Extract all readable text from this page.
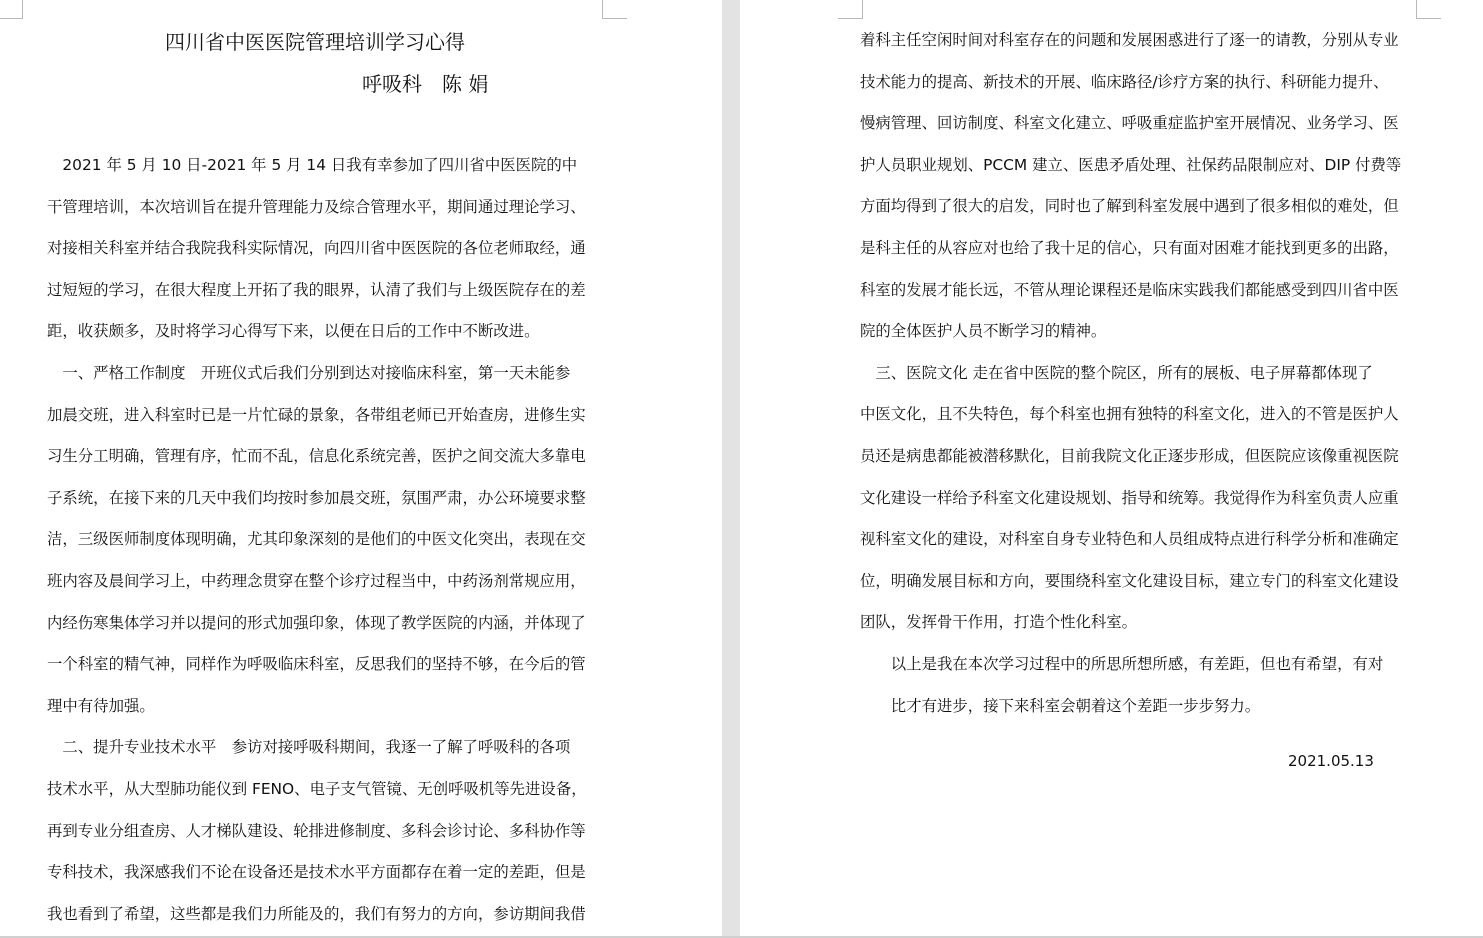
四川省中医医院管理培训学习心得
呼吸科　陈 娟
　2021 年 5 月 10 日-2021 年 5 月 14 日我有幸参加了四川省中医医院的中
干管理培训，本次培训旨在提升管理能力及综合管理水平，期间通过理论学习、
对接相关科室并结合我院我科实际情况，向四川省中医医院的各位老师取经，通
过短短的学习，在很大程度上开拓了我的眼界，认清了我们与上级医院存在的差
距，收获颇多，及时将学习心得写下来，以便在日后的工作中不断改进。
　一、严格工作制度　开班仪式后我们分别到达对接临床科室，第一天未能参
加晨交班，进入科室时已是一片忙碌的景象，各带组老师已开始查房，进修生实
习生分工明确，管理有序，忙而不乱，信息化系统完善，医护之间交流大多靠电
子系统，在接下来的几天中我们均按时参加晨交班，氛围严肃，办公环境要求整
洁，三级医师制度体现明确，尤其印象深刻的是他们的中医文化突出，表现在交
班内容及晨间学习上，中药理念贯穿在整个诊疗过程当中，中药汤剂常规应用，
内经伤寒集体学习并以提问的形式加强印象，体现了教学医院的内涵，并体现了
一个科室的精气神，同样作为呼吸临床科室，反思我们的坚持不够，在今后的管
理中有待加强。
　二、提升专业技术水平　参访对接呼吸科期间，我逐一了解了呼吸科的各项
技术水平，从大型肺功能仪到 FENO、电子支气管镜、无创呼吸机等先进设备，
再到专业分组查房、人才梯队建设、轮排进修制度、多科会诊讨论、多科协作等
专科技术，我深感我们不论在设备还是技术水平方面都存在着一定的差距，但是
我也看到了希望，这些都是我们力所能及的，我们有努力的方向，参访期间我借
着科主任空闲时间对科室存在的问题和发展困惑进行了逐一的请教，分别从专业
技术能力的提高、新技术的开展、临床路径/诊疗方案的执行、科研能力提升、
慢病管理、回访制度、科室文化建立、呼吸重症监护室开展情况、业务学习、医
护人员职业规划、PCCM 建立、医患矛盾处理、社保药品限制应对、DIP 付费等
方面均得到了很大的启发，同时也了解到科室发展中遇到了很多相似的难处，但
是科主任的从容应对也给了我十足的信心，只有面对困难才能找到更多的出路，
科室的发展才能长远，不管从理论课程还是临床实践我们都能感受到四川省中医
院的全体医护人员不断学习的精神。
　三、医院文化 走在省中医院的整个院区，所有的展板、电子屏幕都体现了
中医文化，且不失特色，每个科室也拥有独特的科室文化，进入的不管是医护人
员还是病患都能被潜移默化，目前我院文化正逐步形成，但医院应该像重视医院
文化建设一样给予科室文化建设规划、指导和统筹。我觉得作为科室负责人应重
视科室文化的建设，对科室自身专业特色和人员组成特点进行科学分析和准确定
位，明确发展目标和方向，要围绕科室文化建设目标，建立专门的科室文化建设
团队，发挥骨干作用，打造个性化科室。
　　以上是我在本次学习过程中的所思所想所感，有差距，但也有希望，有对
　　比才有进步，接下来科室会朝着这个差距一步步努力。
2021.05.13
